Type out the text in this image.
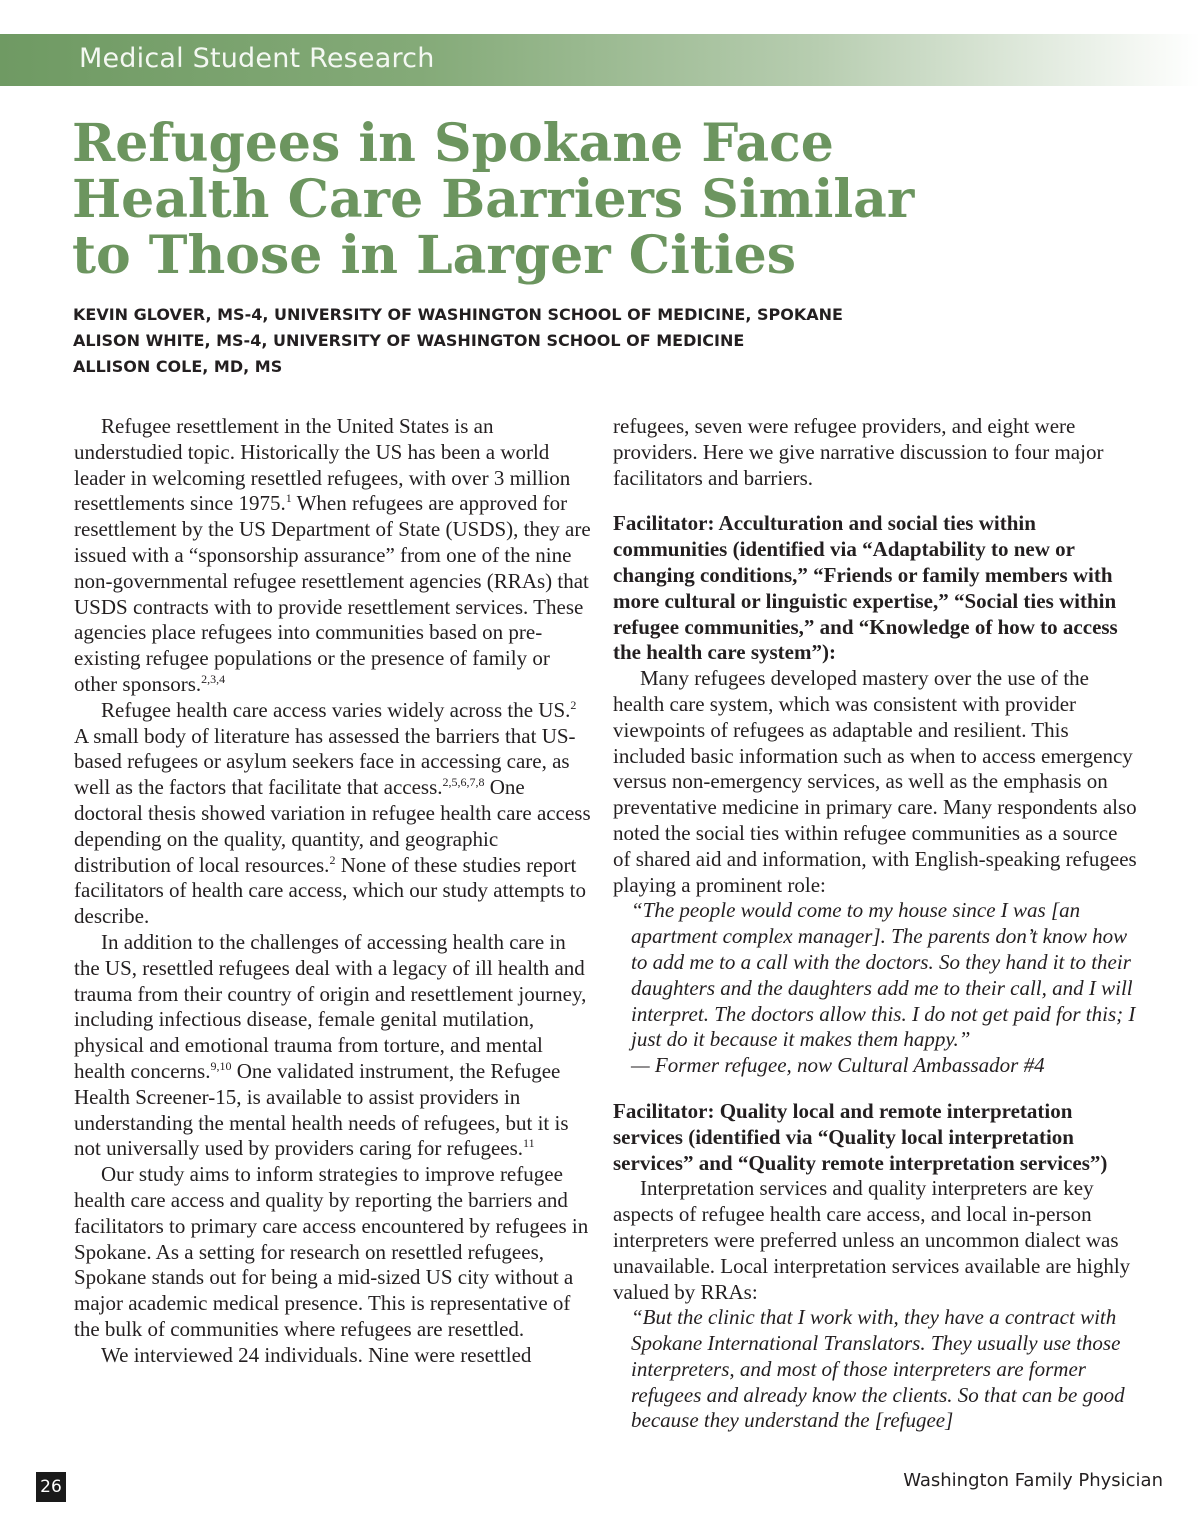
Medical Student Research
Refugees in Spokane Face
Health Care Barriers Similar
to Those in Larger Cities
KEVIN GLOVER, MS-4, UNIVERSITY OF WASHINGTON SCHOOL OF MEDICINE, SPOKANE
ALISON WHITE, MS-4, UNIVERSITY OF WASHINGTON SCHOOL OF MEDICINE
ALLISON COLE, MD, MS

Refugee resettlement in the United States is an understudied topic. Historically the US has been a world leader in welcoming resettled refugees, with over 3 million resettlements since 1975.$^1$ When refugees are approved for resettlement by the US Department of State (USDS), they are issued with a “sponsorship assurance” from one of the nine non-governmental refugee resettlement agencies (RRAs) that USDS contracts with to provide resettlement services. These agencies place refugees into communities based on pre-existing refugee populations or the presence of family or other sponsors.$^{2,3,4}$

Refugee health care access varies widely across the US.$^2$ A small body of literature has assessed the barriers that US-based refugees or asylum seekers face in accessing care, as well as the factors that facilitate that access.$^{2,5,6,7,8}$ One doctoral thesis showed variation in refugee health care access depending on the quality, quantity, and geographic distribution of local resources.$^2$ None of these studies report facilitators of health care access, which our study attempts to describe.

In addition to the challenges of accessing health care in the US, resettled refugees deal with a legacy of ill health and trauma from their country of origin and resettlement journey, including infectious disease, female genital mutilation, physical and emotional trauma from torture, and mental health concerns.$^{9,10}$ One validated instrument, the Refugee Health Screener-15, is available to assist providers in understanding the mental health needs of refugees, but it is not universally used by providers caring for refugees.$^{11}$

Our study aims to inform strategies to improve refugee health care access and quality by reporting the barriers and facilitators to primary care access encountered by refugees in Spokane. As a setting for research on resettled refugees, Spokane stands out for being a mid-sized US city without a major academic medical presence. This is representative of the bulk of communities where refugees are resettled.

We interviewed 24 individuals. Nine were resettled

refugees, seven were refugee providers, and eight were providers. Here we give narrative discussion to four major facilitators and barriers.

Facilitator: Acculturation and social ties within communities (identified via “Adaptability to new or changing conditions,” “Friends or family members with more cultural or linguistic expertise,” “Social ties within refugee communities,” and “Knowledge of how to access the health care system”):

Many refugees developed mastery over the use of the health care system, which was consistent with provider viewpoints of refugees as adaptable and resilient. This included basic information such as when to access emergency versus non-emergency services, as well as the emphasis on preventative medicine in primary care. Many respondents also noted the social ties within refugee communities as a source of shared aid and information, with English-speaking refugees playing a prominent role:

“The people would come to my house since I was [an apartment complex manager]. The parents don’t know how to add me to a call with the doctors. So they hand it to their daughters and the daughters add me to their call, and I will interpret. The doctors allow this. I do not get paid for this; I just do it because it makes them happy.”

— Former refugee, now Cultural Ambassador #4

Facilitator: Quality local and remote interpretation services (identified via “Quality local interpretation services” and “Quality remote interpretation services”)

Interpretation services and quality interpreters are key aspects of refugee health care access, and local in-person interpreters were preferred unless an uncommon dialect was unavailable. Local interpretation services available are highly valued by RRAs:

“But the clinic that I work with, they have a contract with Spokane International Translators. They usually use those interpreters, and most of those interpreters are former refugees and already know the clients. So that can be good because they understand the [refugee]

26	Washington Family Physician
